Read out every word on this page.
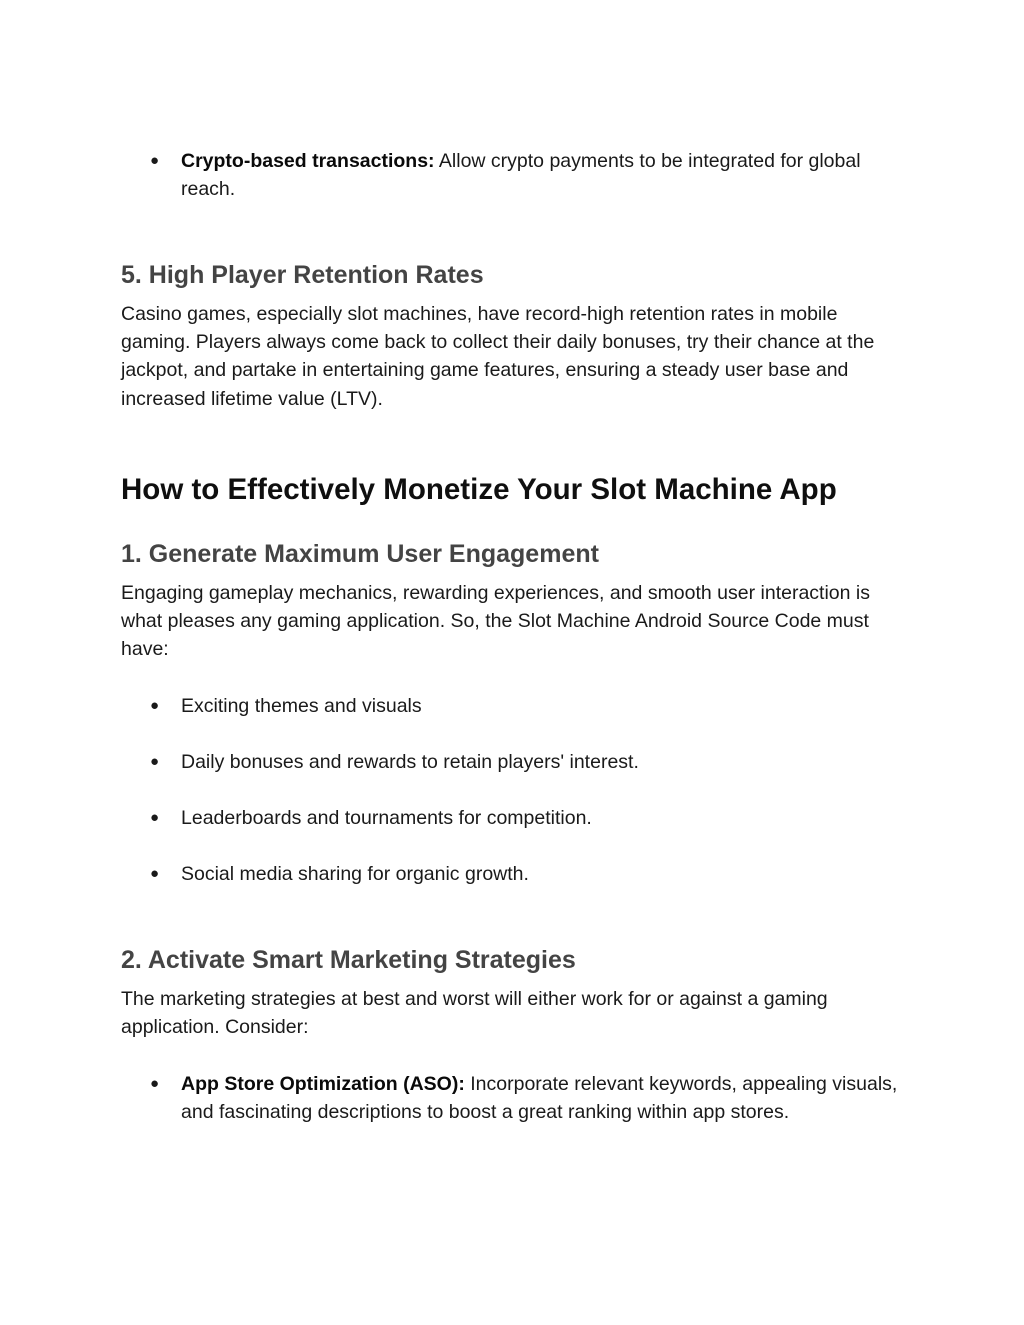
● Crypto-based transactions: Allow crypto payments to be integrated for global reach.
5. High Player Retention Rates

Casino games, especially slot machines, have record-high retention rates in mobile gaming. Players always come back to collect their daily bonuses, try their chance at the jackpot, and partake in entertaining game features, ensuring a steady user base and increased lifetime value (LTV).

How to Effectively Monetize Your Slot Machine App
1. Generate Maximum User Engagement

Engaging gameplay mechanics, rewarding experiences, and smooth user interaction is what pleases any gaming application. So, the Slot Machine Android Source Code must have:

● Exciting themes and visuals
● Daily bonuses and rewards to retain players' interest.
● Leaderboards and tournaments for competition.
● Social media sharing for organic growth.
2. Activate Smart Marketing Strategies

The marketing strategies at best and worst will either work for or against a gaming application. Consider:

● App Store Optimization (ASO): Incorporate relevant keywords, appealing visuals, and fascinating descriptions to boost a great ranking within app stores.
